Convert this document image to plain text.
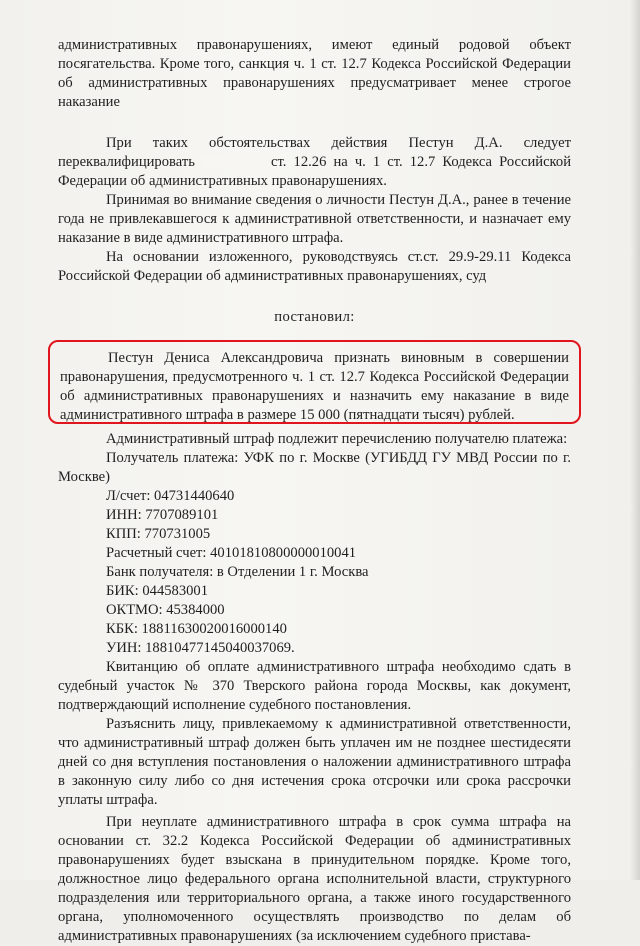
административных правонарушениях, имеют единый родовой объект посягательства. Кроме того, санкция ч. 1 ст. 12.7 Кодекса Российской Федерации об административных правонарушениях предусматривает менее строгое наказание

При таких обстоятельствах действия Пестун Д.А. следует переквалифицировать	ст. 12.26 на ч. 1 ст. 12.7 Кодекса Российской Федерации об административных правонарушениях.

Принимая во внимание сведения о личности Пестун Д.А., ранее в течение года не привлекавшегося к административной ответственности, и назначает ему наказание в виде административного штрафа.

На основании изложенного, руководствуясь ст.ст. 29.9-29.11 Кодекса Российской Федерации об административных правонарушениях, суд

постановил:

Пестун Дениса Александровича признать виновным в совершении правонарушения, предусмотренного ч. 1 ст. 12.7 Кодекса Российской Федерации об административных правонарушениях и назначить ему наказание в виде административного штрафа в размере 15 000 (пятнадцати тысяч) рублей.

Административный штраф подлежит перечислению получателю платежа:

Получатель платежа: УФК по г. Москве (УГИБДД ГУ МВД России по г. Москве)

Л/счет: 04731440640
ИНН: 7707089101
КПП: 770731005
Расчетный счет: 40101810800000010041
Банк получателя: в Отделении 1 г. Москва
БИК: 044583001
ОКТМО: 45384000
КБК: 18811630020016000140
УИН: 18810477145040037069.

Квитанцию об оплате административного штрафа необходимо сдать в судебный участок № 370 Тверского района города Москвы, как документ, подтверждающий исполнение судебного постановления.

Разъяснить лицу, привлекаемому к административной ответственности, что административный штраф должен быть уплачен им не позднее шестидесяти дней со дня вступления постановления о наложении административного штрафа в законную силу либо со дня истечения срока отсрочки или срока рассрочки уплаты штрафа.

При неуплате административного штрафа в срок сумма штрафа на основании ст. 32.2 Кодекса Российской Федерации об административных правонарушениях будет взыскана в принудительном порядке. Кроме того, должностное лицо федерального органа исполнительной власти, структурного подразделения или территориального органа, а также иного государственного органа, уполномоченного осуществлять производство по делам об административных правонарушениях (за исключением судебного пристава-
